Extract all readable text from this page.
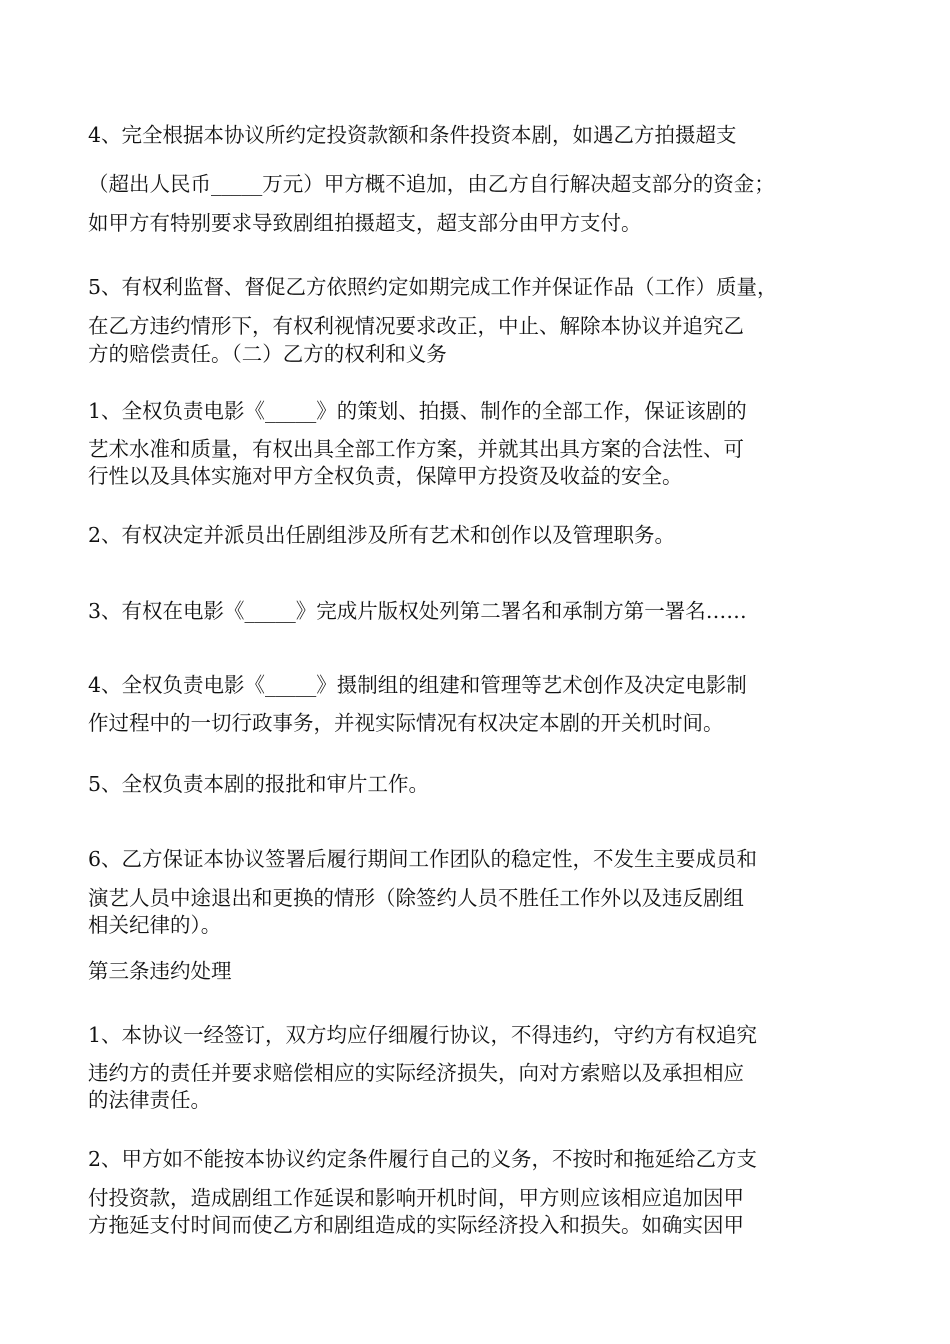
4、完全根据本协议所约定投资款额和条件投资本剧，如遇乙方拍摄超支
（超出人民币_____万元）甲方概不追加，由乙方自行解决超支部分的资金；
如甲方有特别要求导致剧组拍摄超支，超支部分由甲方支付。
5、有权利监督、督促乙方依照约定如期完成工作并保证作品（工作）质量，
在乙方违约情形下，有权利视情况要求改正，中止、解除本协议并追究乙
方的赔偿责任。（二）乙方的权利和义务
1、全权负责电影《_____》的策划、拍摄、制作的全部工作，保证该剧的
艺术水准和质量，有权出具全部工作方案，并就其出具方案的合法性、可
行性以及具体实施对甲方全权负责，保障甲方投资及收益的安全。
2、有权决定并派员出任剧组涉及所有艺术和创作以及管理职务。
3、有权在电影《_____》完成片版权处列第二署名和承制方第一署名……
4、全权负责电影《_____》摄制组的组建和管理等艺术创作及决定电影制
作过程中的一切行政事务，并视实际情况有权决定本剧的开关机时间。
5、全权负责本剧的报批和审片工作。
6、乙方保证本协议签署后履行期间工作团队的稳定性，不发生主要成员和
演艺人员中途退出和更换的情形（除签约人员不胜任工作外以及违反剧组
相关纪律的）。
第三条违约处理
1、本协议一经签订，双方均应仔细履行协议，不得违约，守约方有权追究
违约方的责任并要求赔偿相应的实际经济损失，向对方索赔以及承担相应
的法律责任。
2、甲方如不能按本协议约定条件履行自己的义务，不按时和拖延给乙方支
付投资款，造成剧组工作延误和影响开机时间，甲方则应该相应追加因甲
方拖延支付时间而使乙方和剧组造成的实际经济投入和损失。如确实因甲
